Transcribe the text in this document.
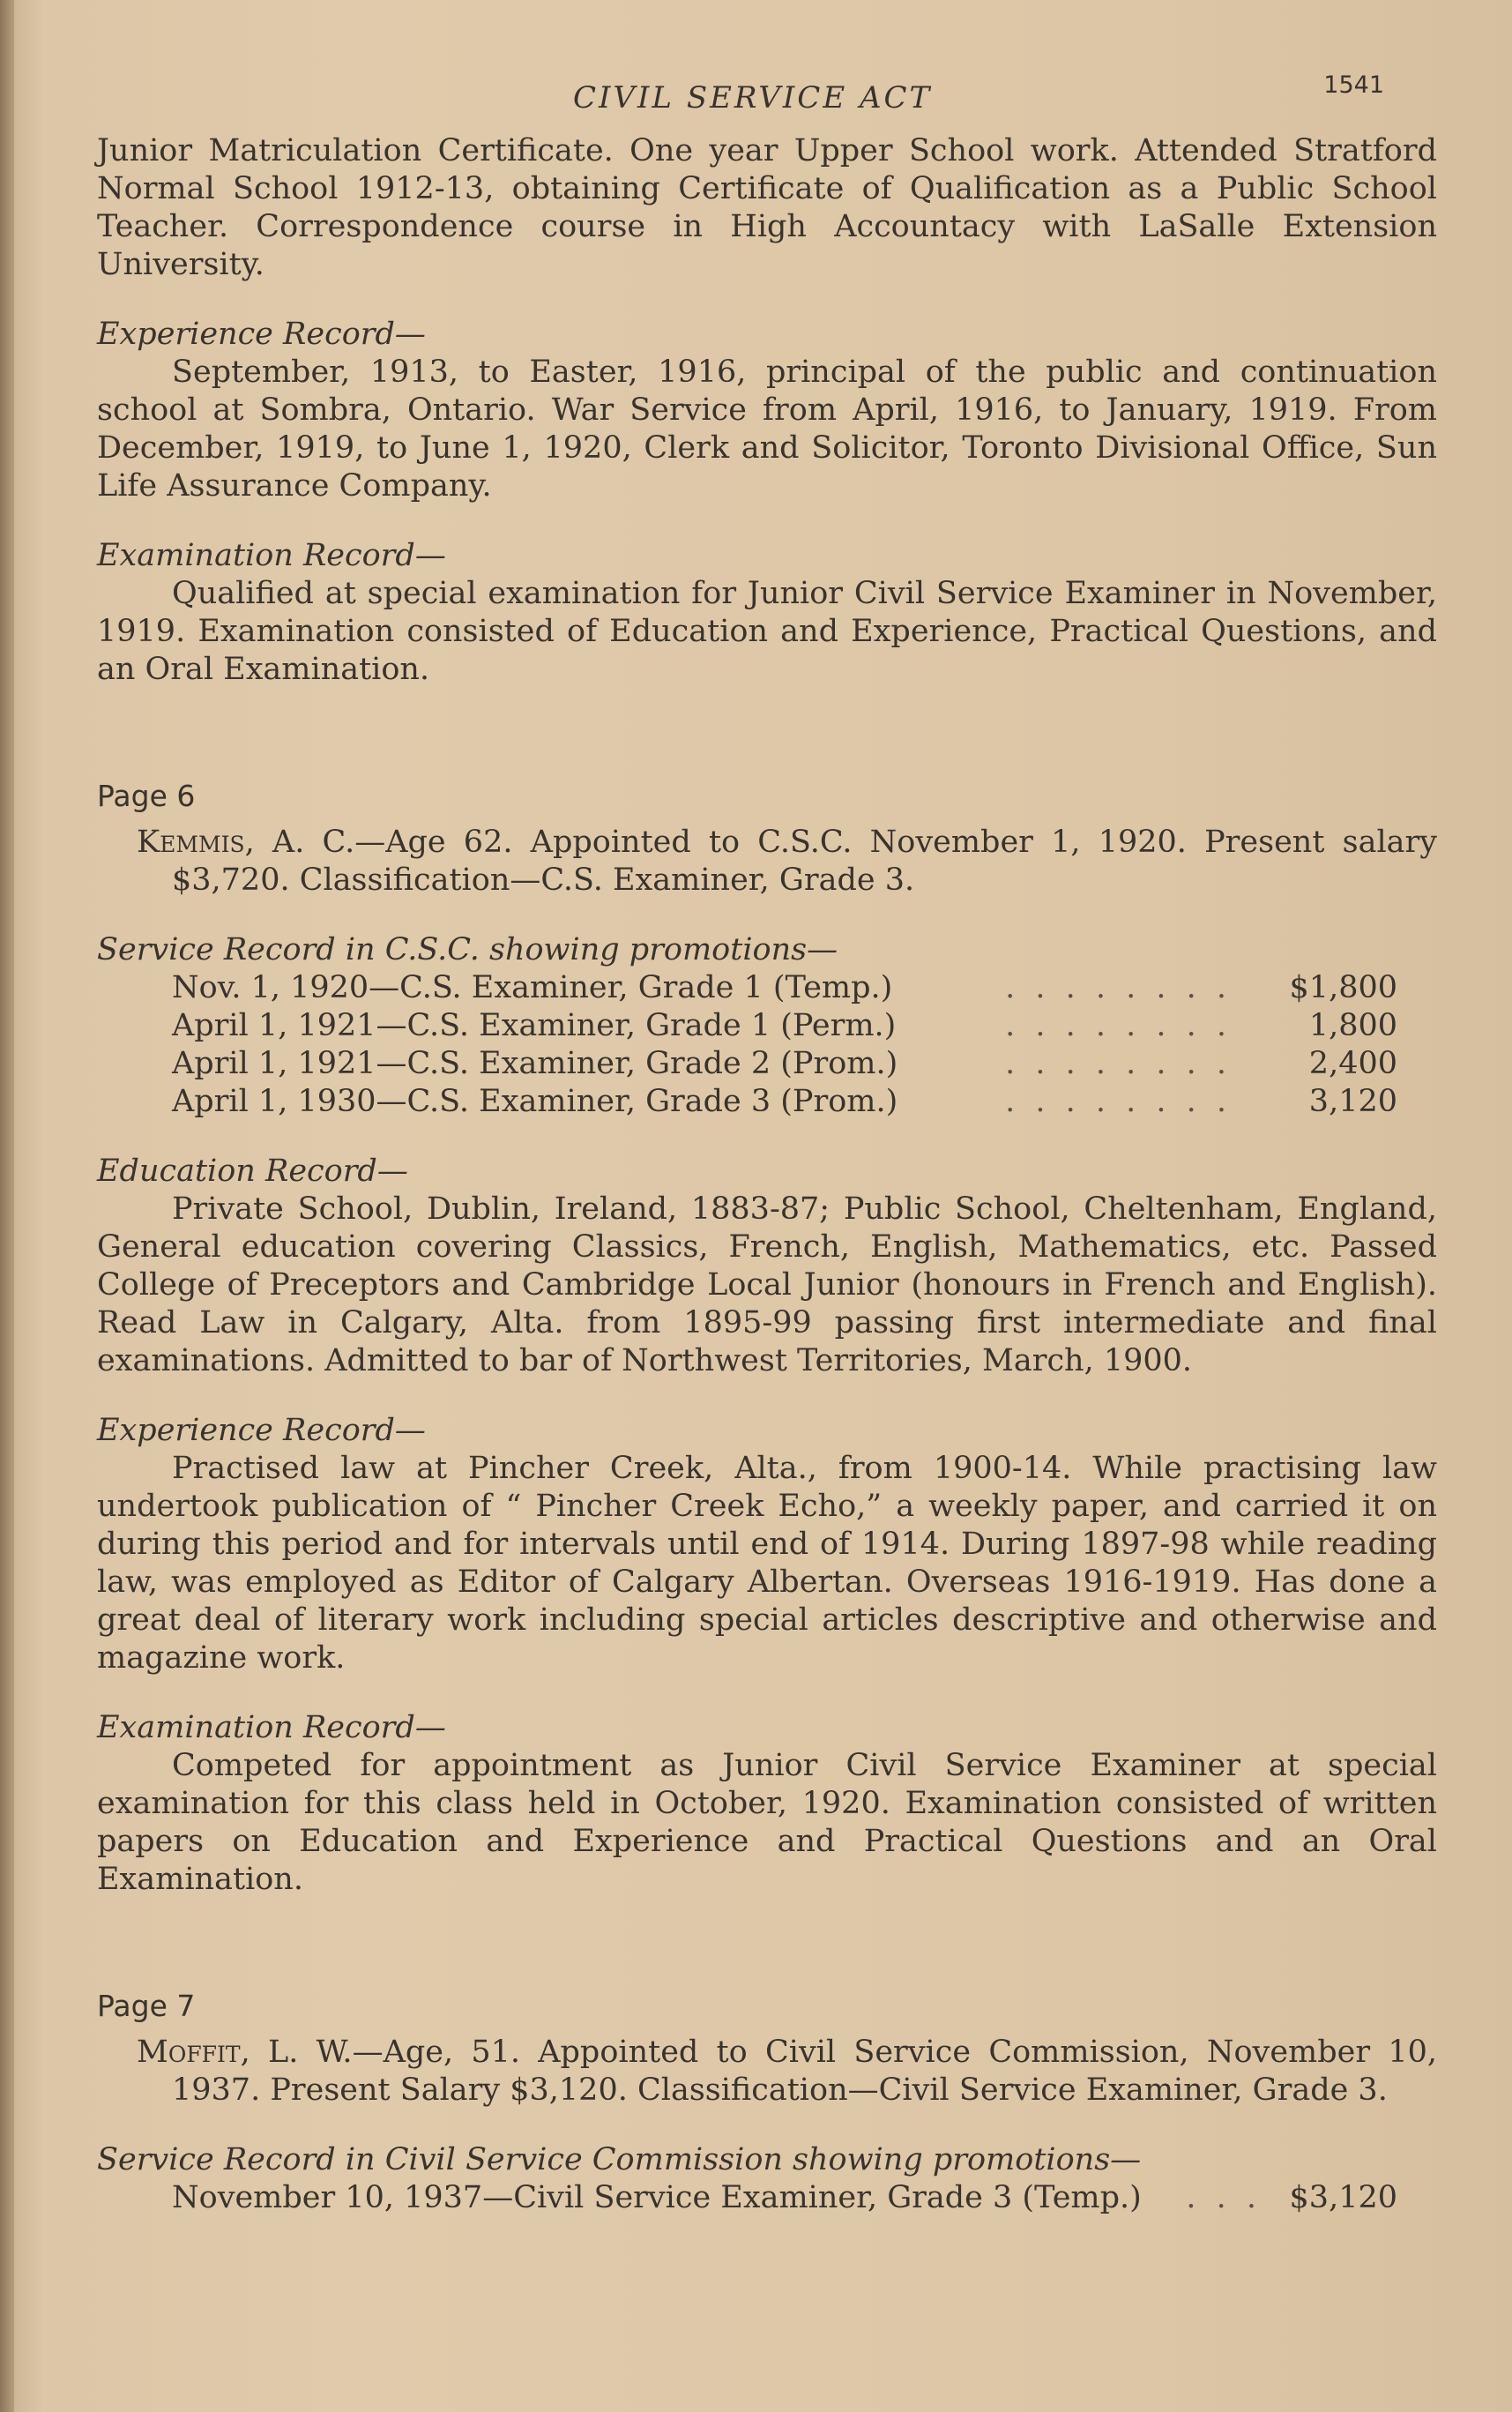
CIVIL SERVICE ACT	1541

Junior Matriculation Certificate. One year Upper School work. Attended Stratford Normal School 1912-13, obtaining Certificate of Qualification as a Public School Teacher. Correspondence course in High Accountacy with LaSalle Extension University.

Experience Record—

September, 1913, to Easter, 1916, principal of the public and continuation school at Sombra, Ontario. War Service from April, 1916, to January, 1919. From December, 1919, to June 1, 1920, Clerk and Solicitor, Toronto Divisional Office, Sun Life Assurance Company.

Examination Record—

Qualified at special examination for Junior Civil Service Examiner in November, 1919. Examination consisted of Education and Experience, Practical Questions, and an Oral Examination.

Page 6

Kemmis, A. C.—Age 62. Appointed to C.S.C. November 1, 1920. Present salary $3,720. Classification—C.S. Examiner, Grade 3.

Service Record in C.S.C. showing promotions—

Nov. 1, 1920—C.S. Examiner, Grade 1 (Temp.)	. . . . . . . .	$1,800
April 1, 1921—C.S. Examiner, Grade 1 (Perm.)	. . . . . . . .	1,800
April 1, 1921—C.S. Examiner, Grade 2 (Prom.)	. . . . . . . .	2,400
April 1, 1930—C.S. Examiner, Grade 3 (Prom.)	. . . . . . . .	3,120

Education Record—

Private School, Dublin, Ireland, 1883-87; Public School, Cheltenham, England, General education covering Classics, French, English, Mathematics, etc. Passed College of Preceptors and Cambridge Local Junior (honours in French and English). Read Law in Calgary, Alta. from 1895-99 passing first intermediate and final examinations. Admitted to bar of Northwest Territories, March, 1900.

Experience Record—

Practised law at Pincher Creek, Alta., from 1900-14. While practising law undertook publication of “ Pincher Creek Echo,” a weekly paper, and carried it on during this period and for intervals until end of 1914. During 1897-98 while reading law, was employed as Editor of Calgary Albertan. Overseas 1916-1919. Has done a great deal of literary work including special articles descriptive and otherwise and magazine work.

Examination Record—

Competed for appointment as Junior Civil Service Examiner at special examination for this class held in October, 1920. Examination consisted of written papers on Education and Experience and Practical Questions and an Oral Examination.

Page 7

Moffit, L. W.—Age, 51. Appointed to Civil Service Commission, November 10, 1937. Present Salary $3,120. Classification—Civil Service Examiner, Grade 3.

Service Record in Civil Service Commission showing promotions—

November 10, 1937—Civil Service Examiner, Grade 3 (Temp.)	. . .	$3,120
